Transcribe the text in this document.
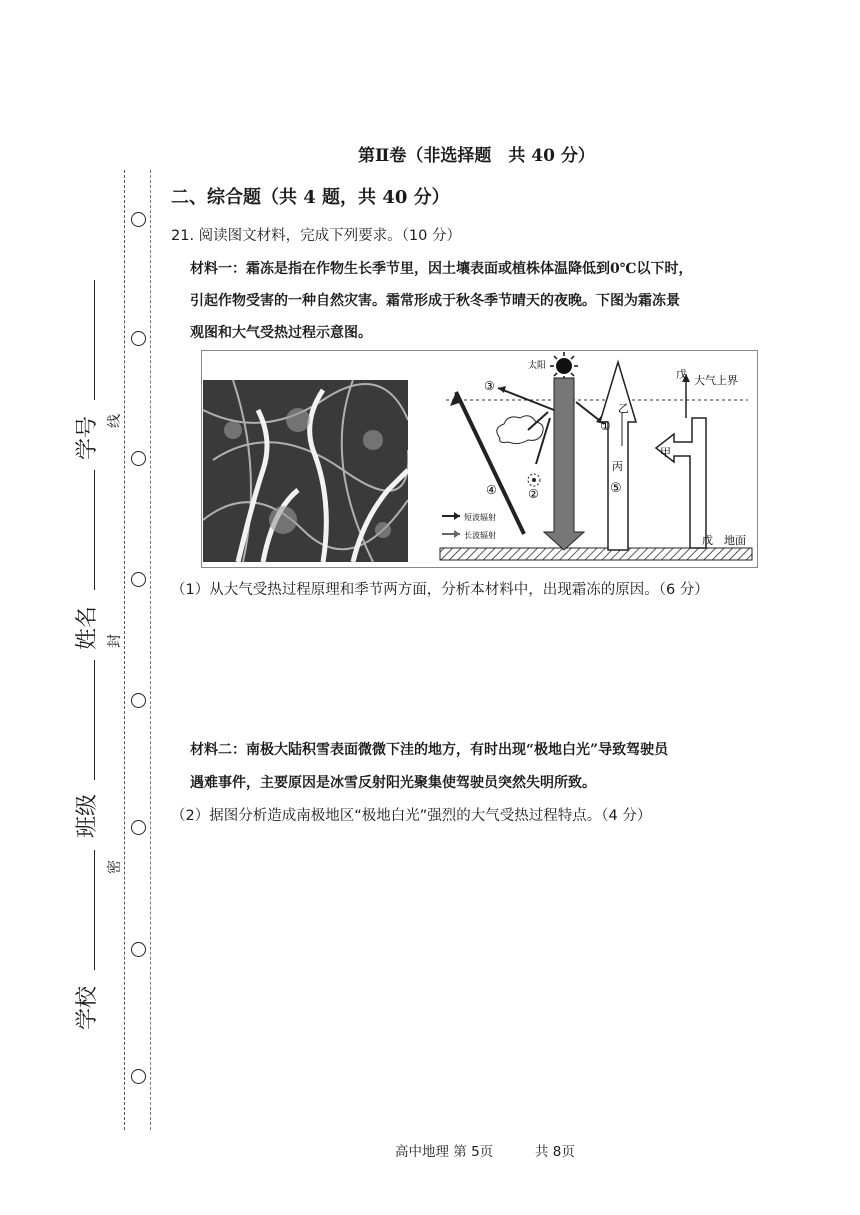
学号 线
姓名 封
班级
密
学校
第Ⅱ卷（非选择题　共 40 分）
二、综合题（共 4 题，共 40 分）
21. 阅读图文材料，完成下列要求。（10 分）
材料一：霜冻是指在作物生长季节里，因土壤表面或植株体温降低到0℃以下时，
引起作物受害的一种自然灾害。霜常形成于秋冬季节晴天的夜晚。下图为霜冻景
观图和大气受热过程示意图。
太阳
大气上界
戊
地面
戊
甲
乙
丙
⑤
①
③
②
④
短波辐射
长波辐射
（1）从大气受热过程原理和季节两方面，分析本材料中，出现霜冻的原因。（6 分）
材料二：南极大陆积雪表面微微下洼的地方，有时出现“极地白光”导致驾驶员
遇难事件，主要原因是冰雪反射阳光聚集使驾驶员突然失明所致。
（2）据图分析造成南极地区“极地白光”强烈的大气受热过程特点。（4 分）
高中地理 第 5页	共 8页
